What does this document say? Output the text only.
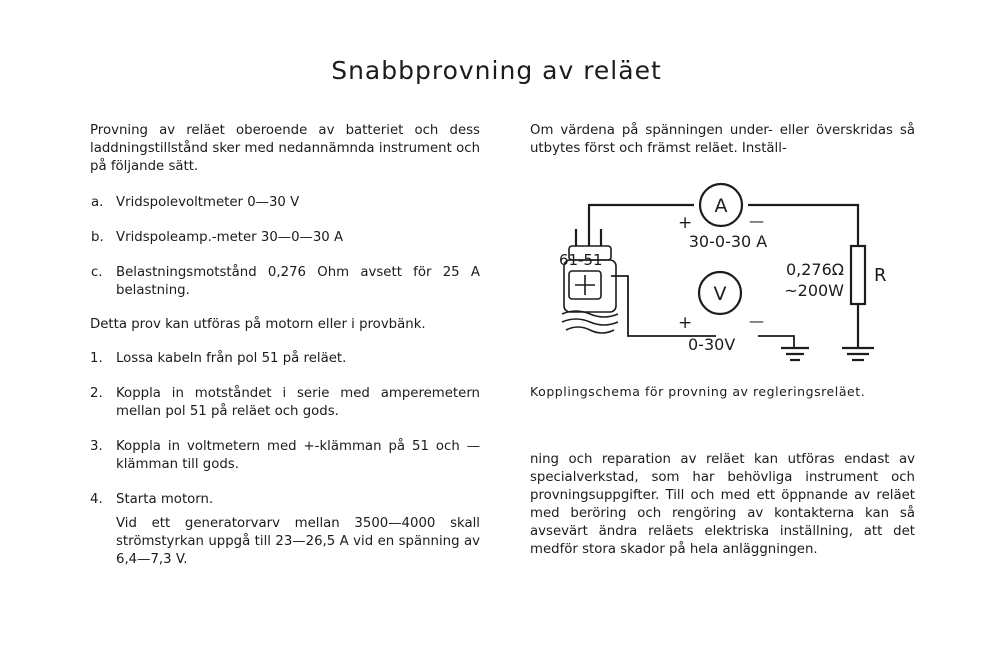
Snabbprovning av reläet

Provning av reläet oberoende av batteriet och dess laddningstillstånd sker med nedannämnda instrument och på följande sätt.

a. Vridspolevoltmeter 0—30 V
b. Vridspoleamp.-meter 30—0—30 A
c. Belastningsmotstånd 0,276 Ohm avsett för 25 A belastning.

Detta prov kan utföras på motorn eller i provbänk.

1. Lossa kabeln från pol 51 på reläet.
2. Koppla in motståndet i serie med amperemetern mellan pol 51 på reläet och gods.
3. Koppla in voltmetern med +-klämman på 51 och — klämman till gods.
4. Starta motorn.
Vid ett generatorvarv mellan 3500—4000 skall strömstyrkan uppgå till 23—26,5 A vid en spänning av 6,4—7,3 V.
Om värdena på spänningen under- eller överskridas så utbytes först och främst reläet. Inställ-
A
V
+	—
30-0-30 A
+	—
0-30V
61-51	0,276Ω
~200W
R
Kopplingschema för provning av regleringsreläet.
ning och reparation av reläet kan utföras endast av specialverkstad, som har behövliga instrument och provningsuppgifter. Till och med ett öppnande av reläet med beröring och rengöring av kontakterna kan så avsevärt ändra reläets elektriska inställning, att det medför stora skador på hela anläggningen.
